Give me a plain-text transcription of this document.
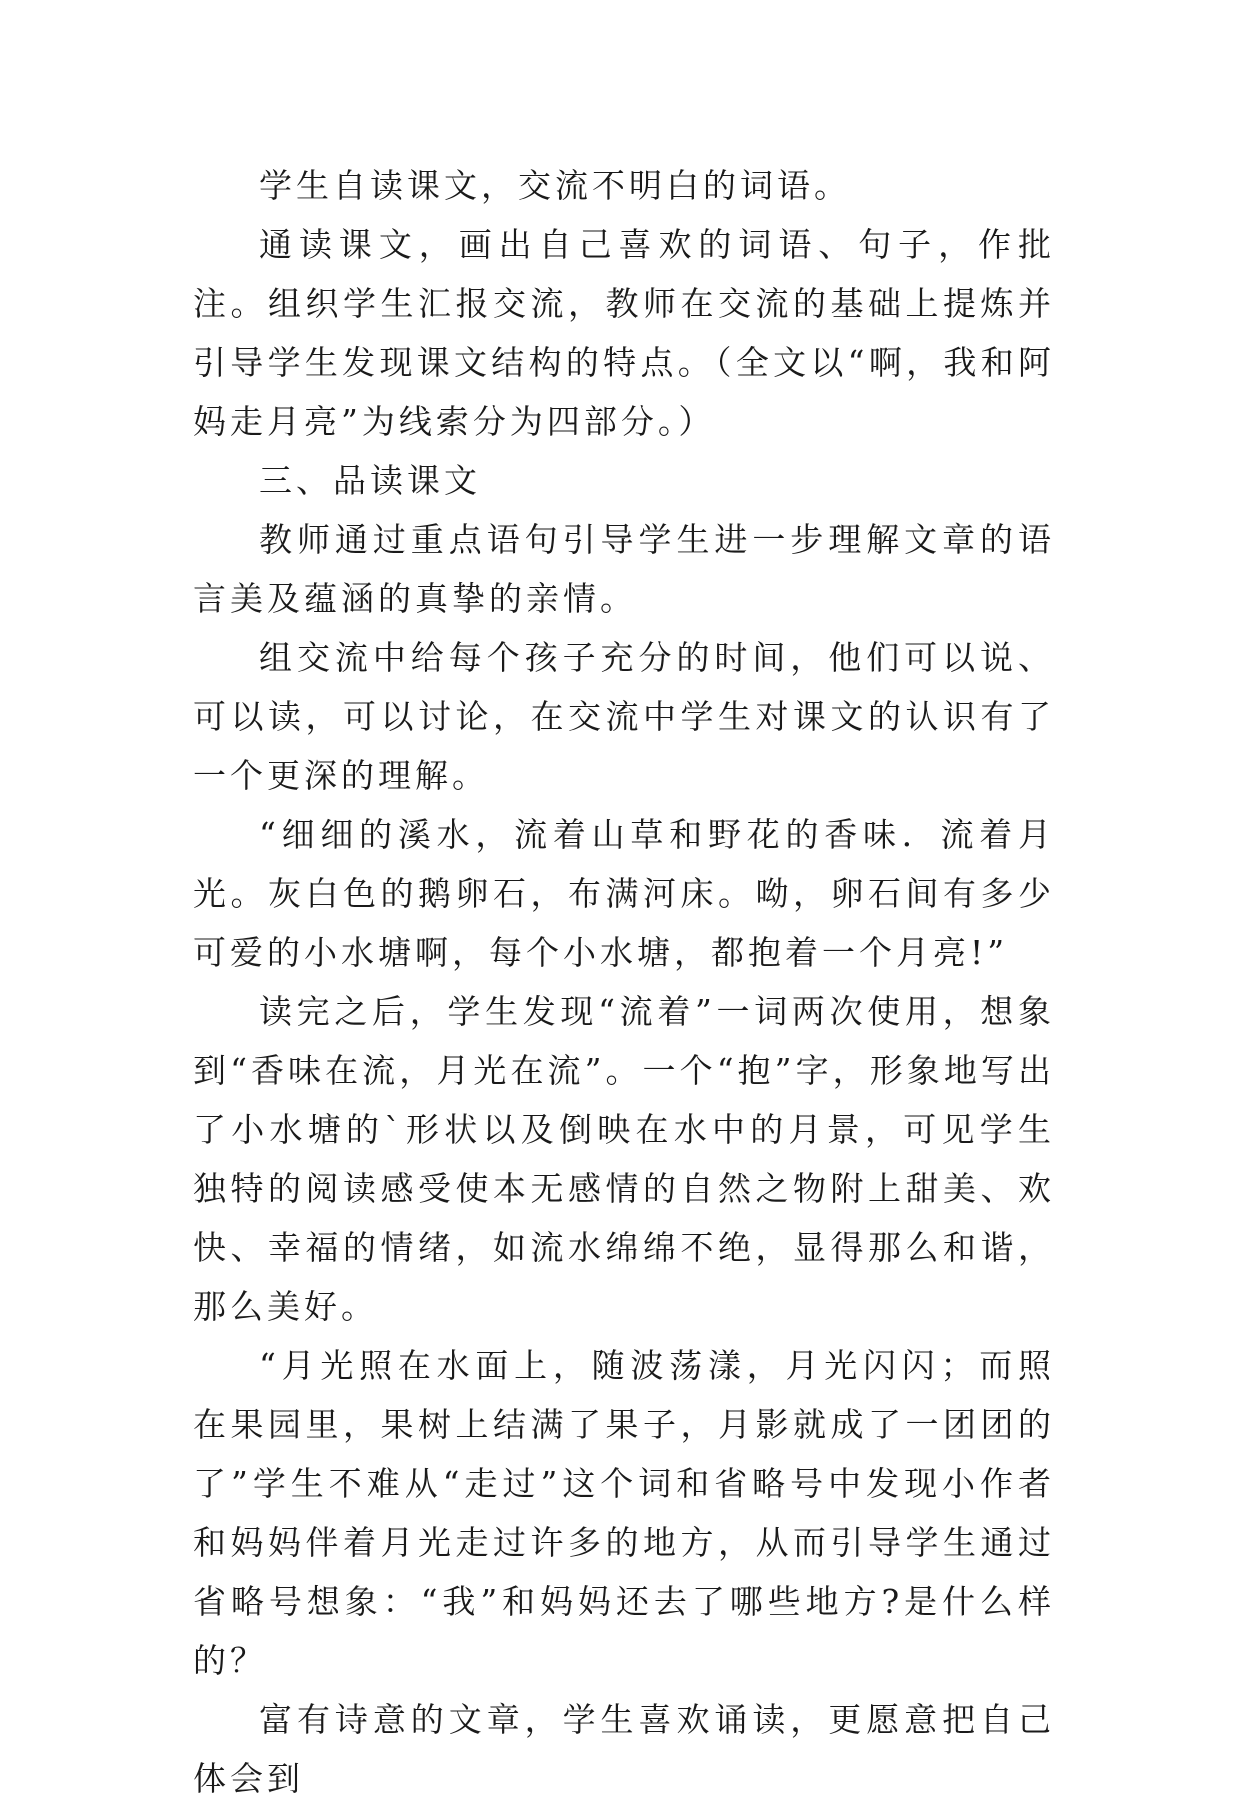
学生自读课文，交流不明白的词语。

通读课文，画出自己喜欢的词语、句子，作批注。组织学生汇报交流，教师在交流的基础上提炼并引导学生发现课文结构的特点。（全文以“啊，我和阿妈走月亮”为线索分为四部分。）

三、品读课文

教师通过重点语句引导学生进一步理解文章的语言美及蕴涵的真挚的亲情。

组交流中给每个孩子充分的时间，他们可以说、可以读，可以讨论，在交流中学生对课文的认识有了一个更深的理解。

“细细的溪水，流着山草和野花的香味．流着月光。灰白色的鹅卵石，布满河床。呦，卵石间有多少可爱的小水塘啊，每个小水塘，都抱着一个月亮!”

读完之后，学生发现“流着”一词两次使用，想象到“香味在流，月光在流”。一个“抱”字，形象地写出了小水塘的`形状以及倒映在水中的月景，可见学生独特的阅读感受使本无感情的自然之物附上甜美、欢快、幸福的情绪，如流水绵绵不绝，显得那么和谐，那么美好。

“月光照在水面上，随波荡漾，月光闪闪；而照在果园里，果树上结满了果子，月影就成了一团团的了”学生不难从“走过”这个词和省略号中发现小作者和妈妈伴着月光走过许多的地方，从而引导学生通过省略号想象：“我”和妈妈还去了哪些地方?是什么样的？

富有诗意的文章，学生喜欢诵读，更愿意把自己体会到
